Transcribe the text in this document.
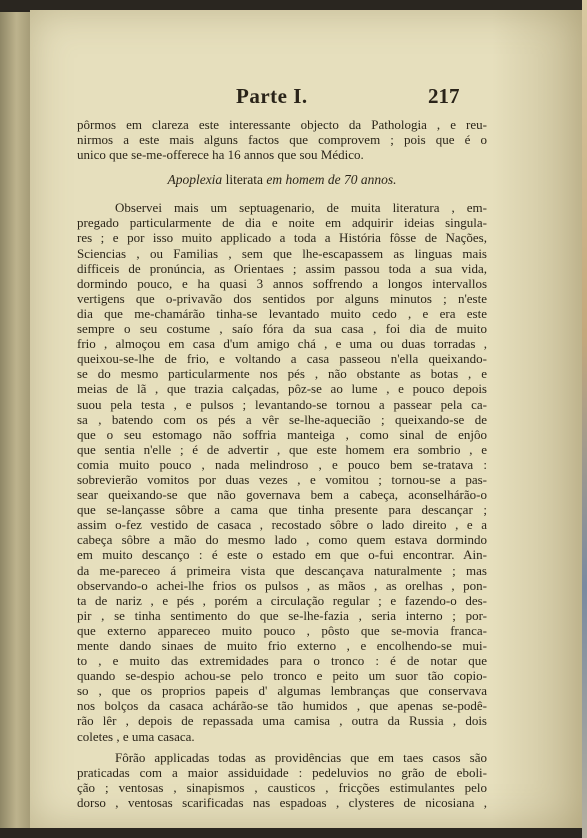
Parte I.	217
pôrmos em clareza este interessante objecto da Pathologia , e reu-
nirmos a este mais alguns factos que comprovem ; pois que é o
unico que se-me-offerece ha 16 annos que sou Médico.
Apoplexia literata em homem de 70 annos.
Observei mais um septuagenario, de muita literatura , em-
pregado particularmente de dia e noite em adquirir ideias singula-
res ; e por isso muito applicado a toda a História fôsse de Nações,
Sciencias , ou Familias , sem que lhe-escapassem as linguas mais
difficeis de pronúncia, as Orientaes ; assim passou toda a sua vida,
dormindo pouco, e ha quasi 3 annos soffrendo a longos intervallos
vertigens que o-privavão dos sentidos por alguns minutos ; n'este
dia que me-chamárão tinha-se levantado muito cedo , e era este
sempre o seu costume , saío fóra da sua casa , foi dia de muito
frio , almoçou em casa d'um amigo chá , e uma ou duas torradas ,
queixou-se-lhe de frio, e voltando a casa passeou n'ella queixando-
se do mesmo particularmente nos pés , não obstante as botas , e
meias de lã , que trazia calçadas, pôz-se ao lume , e pouco depois
suou pela testa , e pulsos ; levantando-se tornou a passear pela ca-
sa , batendo com os pés a vêr se-lhe-aquecião ; queixando-se de
que o seu estomago não soffria manteiga , como sinal de enjôo
que sentia n'elle ; é de advertir , que este homem era sombrio , e
comia muito pouco , nada melindroso , e pouco bem se-tratava :
sobrevierão vomitos por duas vezes , e vomitou ; tornou-se a pas-
sear queixando-se que não governava bem a cabeça, aconselhárão-o
que se-lançasse sôbre a cama que tinha presente para descançar ;
assim o-fez vestido de casaca , recostado sôbre o lado direito , e a
cabeça sôbre a mão do mesmo lado , como quem estava dormindo
em muito descanço : é este o estado em que o-fui encontrar. Ain-
da me-pareceo á primeira vista que descançava naturalmente ; mas
observando-o achei-lhe frios os pulsos , as mãos , as orelhas , pon-
ta de nariz , e pés , porém a circulação regular ; e fazendo-o des-
pir , se tinha sentimento do que se-lhe-fazia , seria interno ; por-
que externo appareceo muito pouco , pôsto que se-movia franca-
mente dando sinaes de muito frio externo , e encolhendo-se mui-
to , e muito das extremidades para o tronco : é de notar que
quando se-despio achou-se pelo tronco e peito um suor tão copio-
so , que os proprios papeis d' algumas lembranças que conservava
nos bolços da casaca achárão-se tão humidos , que apenas se-podê-
rão lêr , depois de repassada uma camisa , outra da Russia , dois
coletes , e uma casaca.
Fôrão applicadas todas as providências que em taes casos são
praticadas com a maior assiduidade : pedeluvios no grão de eboli-
ção ; ventosas , sinapismos , causticos , fricções estimulantes pelo
dorso , ventosas scarificadas nas espadoas , clysteres de nicosiana ,
